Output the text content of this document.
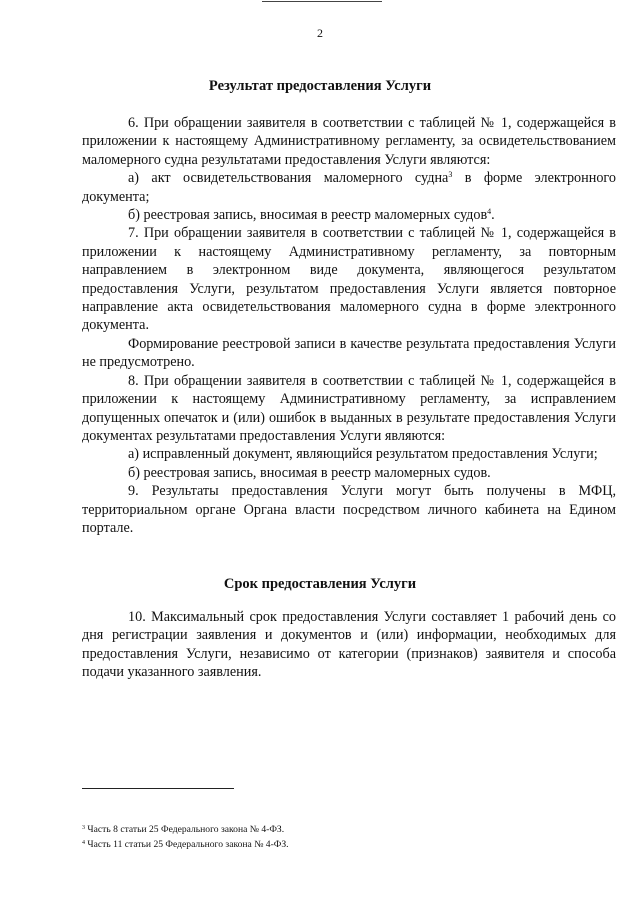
2
Результат предоставления Услуги

6. При обращении заявителя в соответствии с таблицей № 1, содержащейся в приложении к настоящему Административному регламенту, за освидетельствованием маломерного судна результатами предоставления Услуги являются:

а) акт освидетельствования маломерного судна$^3$ в форме электронного документа;

б) реестровая запись, вносимая в реестр маломерных судов$^4$.

7. При обращении заявителя в соответствии с таблицей № 1, содержащейся в приложении к настоящему Административному регламенту, за повторным направлением в электронном виде документа, являющегося результатом предоставления Услуги, результатом предоставления Услуги является повторное направление акта освидетельствования маломерного судна в форме электронного документа.

Формирование реестровой записи в качестве результата предоставления Услуги не предусмотрено.

8. При обращении заявителя в соответствии с таблицей № 1, содержащейся в приложении к настоящему Административному регламенту, за исправлением допущенных опечаток и (или) ошибок в выданных в результате предоставления Услуги документах результатами предоставления Услуги являются:

а) исправленный документ, являющийся результатом предоставления Услуги;

б) реестровая запись, вносимая в реестр маломерных судов.

9. Результаты предоставления Услуги могут быть получены в МФЦ, территориальном органе Органа власти посредством личного кабинета на Едином портале.

Срок предоставления Услуги

10. Максимальный срок предоставления Услуги составляет 1 рабочий день со дня регистрации заявления и документов и (или) информации, необходимых для предоставления Услуги, независимо от категории (признаков) заявителя и способа подачи указанного заявления.

$^3$ Часть 8 статьи 25 Федерального закона № 4-ФЗ.

$^4$ Часть 11 статьи 25 Федерального закона № 4-ФЗ.
